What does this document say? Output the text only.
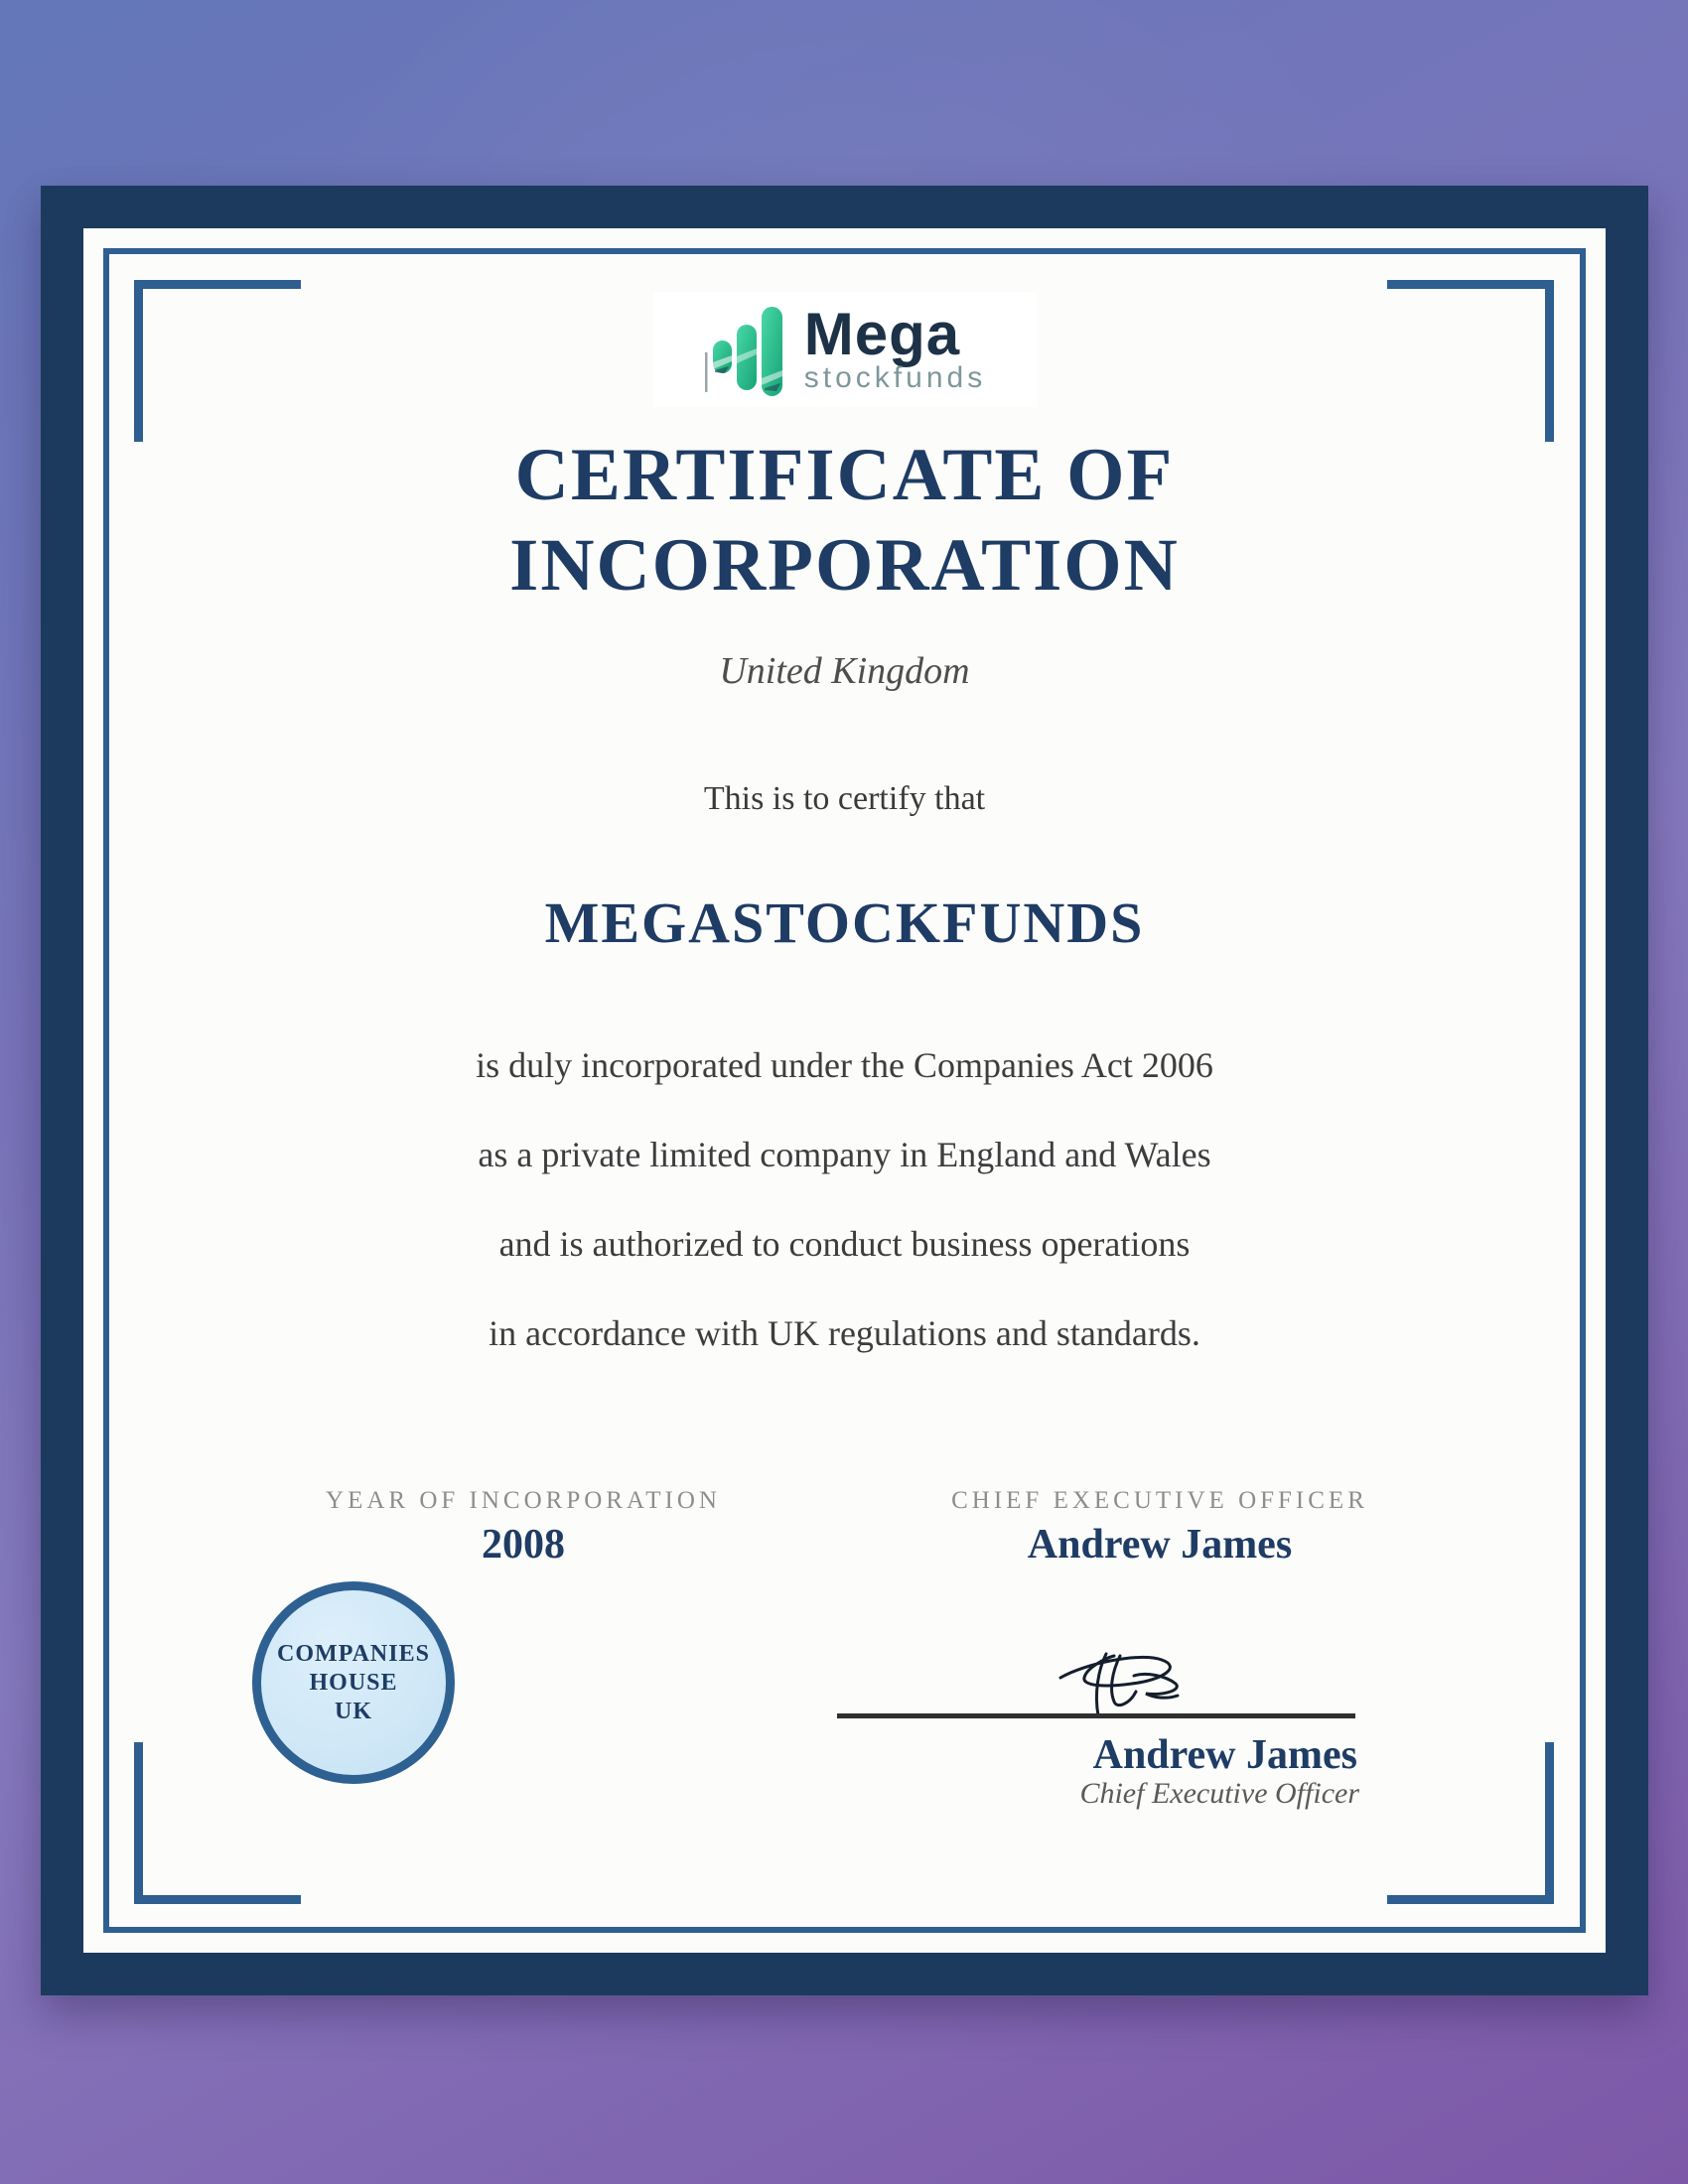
Mega
stockfunds
CERTIFICATE OF
INCORPORATION
United Kingdom
This is to certify that
MEGASTOCKFUNDS
is duly incorporated under the Companies Act 2006
as a private limited company in England and Wales
and is authorized to conduct business operations
in accordance with UK regulations and standards.
YEAR OF INCORPORATION
2008
CHIEF EXECUTIVE OFFICER
Andrew James
COMPANIES
HOUSE
UK
Andrew James
Chief Executive Officer
